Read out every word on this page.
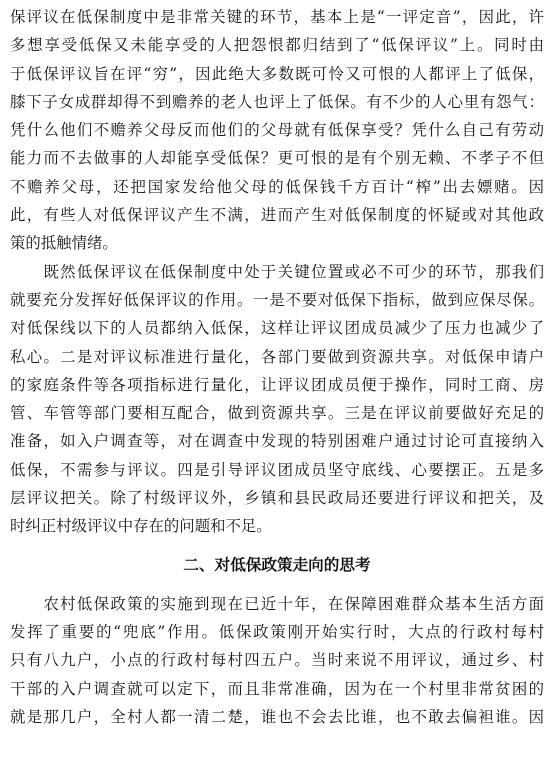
保评议在低保制度中是非常关键的环节，基本上是“一评定音”，因此，许
多想享受低保又未能享受的人把怨恨都归结到了“低保评议”上。同时由
于低保评议旨在评“穷”，因此绝大多数既可怜又可恨的人都评上了低保，
膝下子女成群却得不到赡养的老人也评上了低保。有不少的人心里有怨气：
凭什么他们不赡养父母反而他们的父母就有低保享受？凭什么自己有劳动
能力而不去做事的人却能享受低保？更可恨的是有个别无赖、不孝子不但
不赡养父母，还把国家发给他父母的低保钱千方百计“榨”出去嫖赌。因
此，有些人对低保评议产生不满，进而产生对低保制度的怀疑或对其他政
策的抵触情绪。
　　既然低保评议在低保制度中处于关键位置或必不可少的环节，那我们
就要充分发挥好低保评议的作用。一是不要对低保下指标，做到应保尽保。
对低保线以下的人员都纳入低保，这样让评议团成员减少了压力也减少了
私心。二是对评议标准进行量化，各部门要做到资源共享。对低保申请户
的家庭条件等各项指标进行量化，让评议团成员便于操作，同时工商、房
管、车管等部门要相互配合，做到资源共享。三是在评议前要做好充足的
准备，如入户调查等，对在调查中发现的特别困难户通过讨论可直接纳入
低保，不需参与评议。四是引导评议团成员坚守底线、心要摆正。五是多
层评议把关。除了村级评议外，乡镇和县民政局还要进行评议和把关，及
时纠正村级评议中存在的问题和不足。
二、对低保政策走向的思考
　　农村低保政策的实施到现在已近十年，在保障困难群众基本生活方面
发挥了重要的“兜底”作用。低保政策刚开始实行时，大点的行政村每村
只有八九户，小点的行政村每村四五户。当时来说不用评议，通过乡、村
干部的入户调查就可以定下，而且非常准确，因为在一个村里非常贫困的
就是那几户，全村人都一清二楚，谁也不会去比谁，也不敢去偏袒谁。因
